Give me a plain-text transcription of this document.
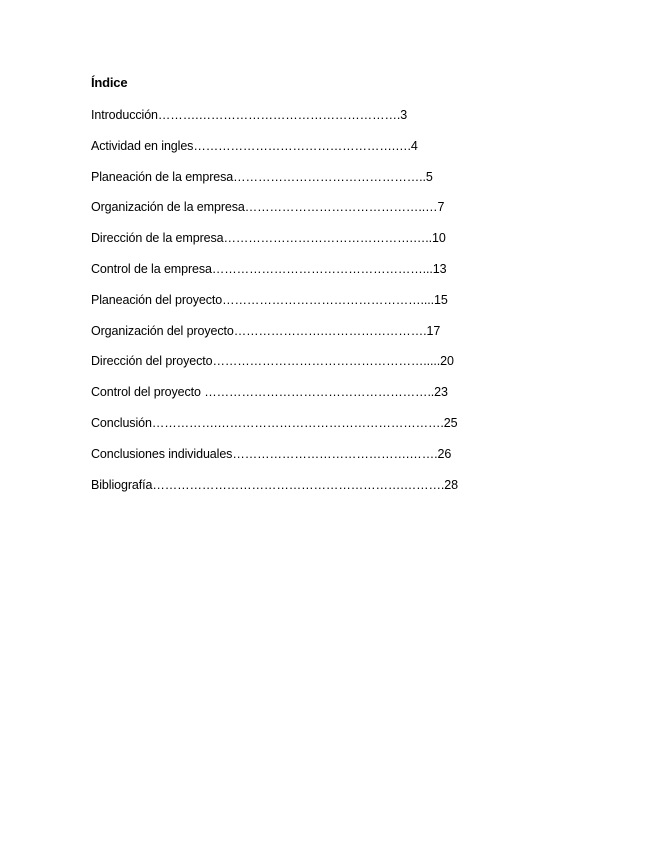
Índice
Introducción……….………………………………………….3
Actividad en ingles………………………………………….….4
Planeación de la empresa………………………………………..5
Organización de la empresa……………………………………..…7
Dirección de la empresa……………………………………….…..10
Control de la empresa……………………………………………...13
Planeación del proyecto…………………………………………....15
Organización del proyecto………………….…………………….17
Dirección del proyecto…………………………………………….....20
Control del proyecto ………………………………………………..23
Conclusión…………….……………………………………………….25
Conclusiones individuales…………………………………….…….26
Bibliografía…………………………………………………….……….28
